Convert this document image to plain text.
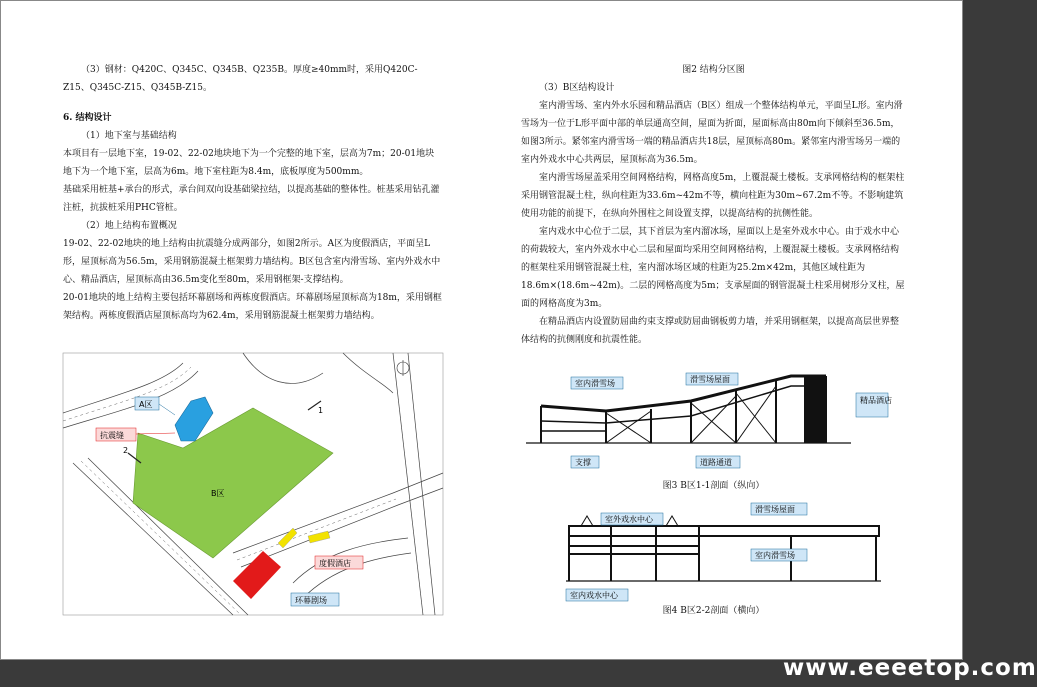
（3）钢材：Q420C、Q345C、Q345B、Q235B。厚度≥40mm时，采用Q420C-Z15、Q345C-Z15、Q345B-Z15。

6. 结构设计

（1）地下室与基础结构

本项目有一层地下室，19-02、22-02地块地下为一个完整的地下室，层高为7m；20-01地块地下为一个地下室，层高为6m。地下室柱距为8.4m，底板厚度为500mm。

基础采用桩基+承台的形式，承台间双向设基础梁拉结，以提高基础的整体性。桩基采用钻孔灌注桩，抗拔桩采用PHC管桩。

（2）地上结构布置概况

19-02、22-02地块的地上结构由抗震缝分成两部分，如图2所示。A区为度假酒店，平面呈L形，屋顶标高为56.5m，采用钢筋混凝土框架剪力墙结构。B区包含室内滑雪场、室内外戏水中心、精品酒店，屋顶标高由36.5m变化至80m，采用钢框架-支撑结构。

20-01地块的地上结构主要包括环幕剧场和两栋度假酒店。环幕剧场屋顶标高为18m，采用钢框架结构。两栋度假酒店屋顶标高均为62.4m，采用钢筋混凝土框架剪力墙结构。

2
1
A区
B区
抗震缝
度假酒店
环幕剧场

图2 结构分区图

（3）B区结构设计

室内滑雪场、室内外水乐园和精品酒店（B区）组成一个整体结构单元，平面呈L形。室内滑雪场为一位于L形平面中部的单层通高空间，屋面为折面，屋面标高由80m向下倾斜至36.5m，如图3所示。紧邻室内滑雪场一端的精品酒店共18层，屋顶标高80m。紧邻室内滑雪场另一端的室内外戏水中心共两层，屋顶标高为36.5m。

室内滑雪场屋盖采用空间网格结构，网格高度5m，上覆混凝土楼板。支承网格结构的框架柱采用钢管混凝土柱，纵向柱距为33.6m~42m不等，横向柱距为30m~67.2m不等。不影响建筑使用功能的前提下，在纵向外围柱之间设置支撑，以提高结构的抗侧性能。

室内戏水中心位于二层，其下首层为室内溜冰场，屋面以上是室外戏水中心。由于戏水中心的荷载较大，室内外戏水中心二层和屋面均采用空间网格结构，上覆混凝土楼板。支承网格结构的框架柱采用钢管混凝土柱，室内溜冰场区域的柱距为25.2m×42m，其他区域柱距为18.6m×(18.6m~42m)。二层的网格高度为5m；支承屋面的钢管混凝土柱采用树形分叉柱，屋面的网格高度为3m。

在精品酒店内设置防屈曲约束支撑或防屈曲钢板剪力墙，并采用钢框架，以提高高层世界整体结构的抗侧刚度和抗震性能。

室内滑雪场	滑雪场屋面
精品酒店
支撑	道路通道

图3 B区1-1剖面（纵向）

室外戏水中心
滑雪场屋面
室内滑雪场
室内戏水中心

图4 B区2-2剖面（横向）

www.eeeetop.com
